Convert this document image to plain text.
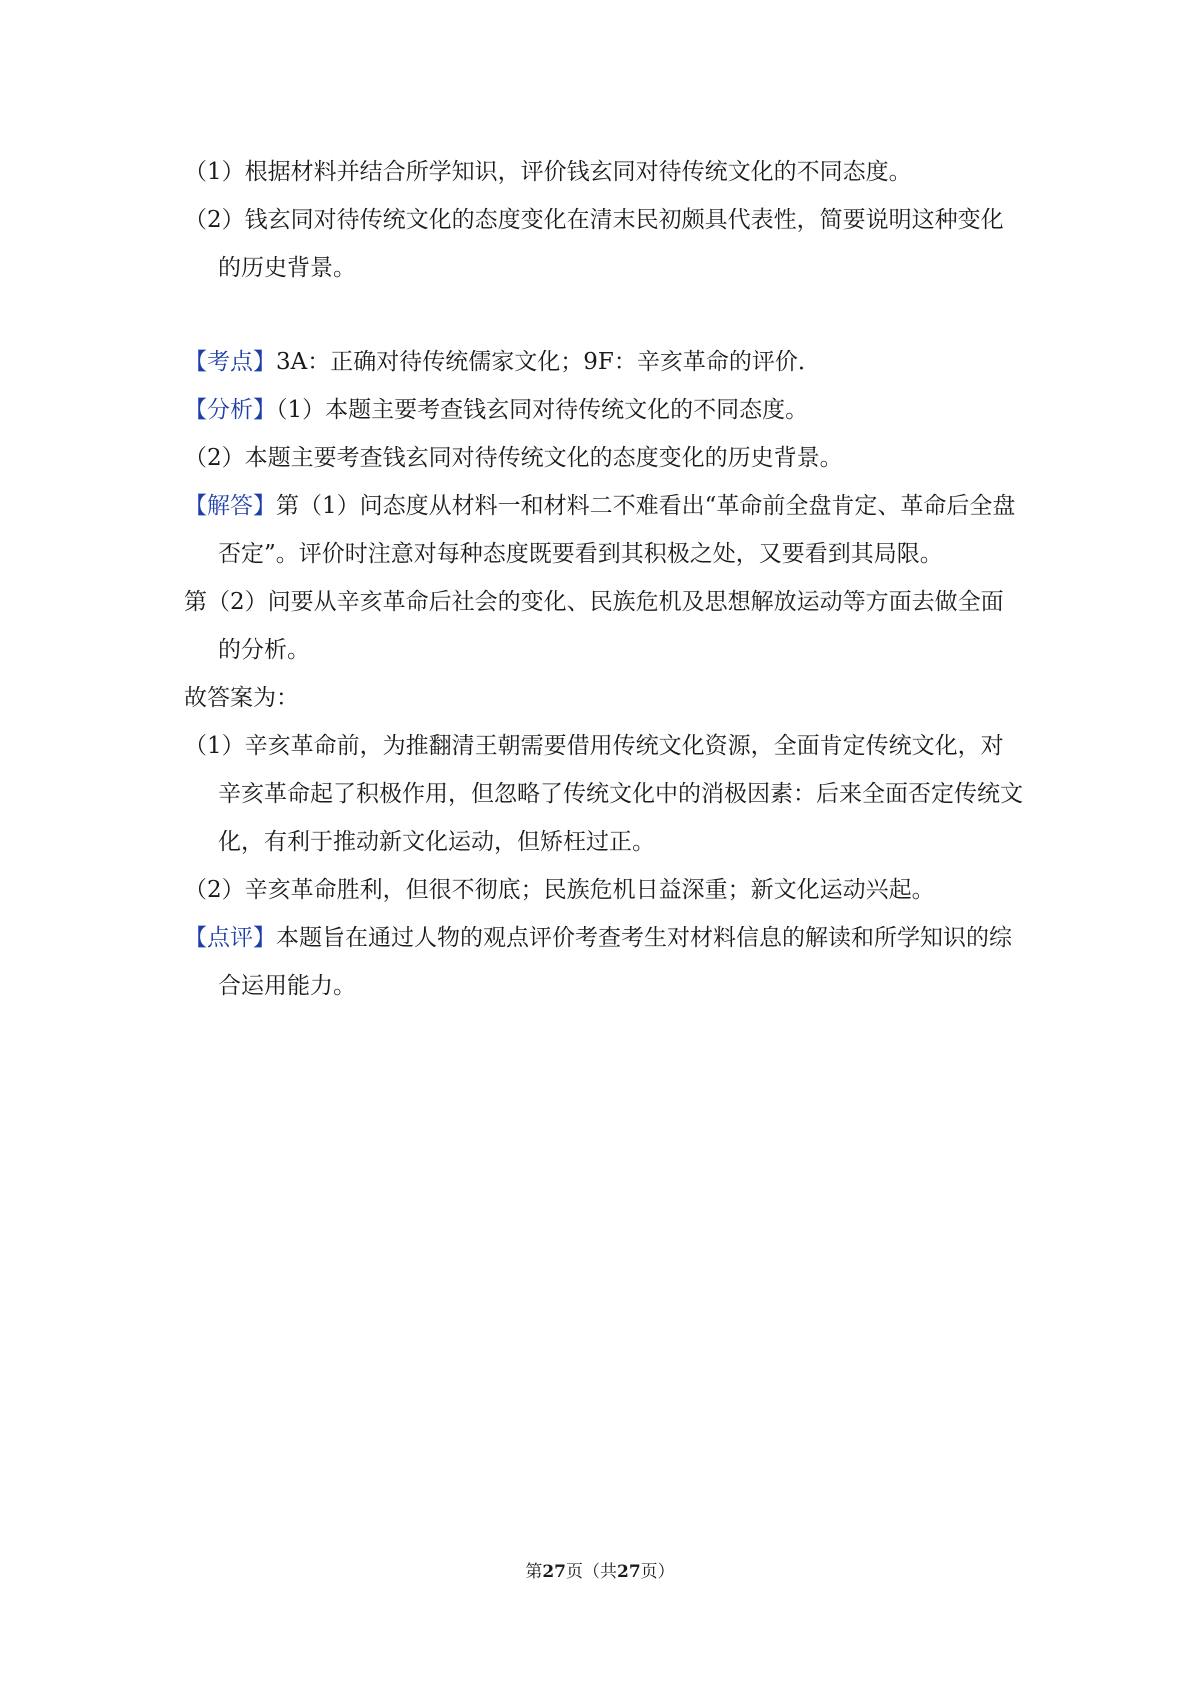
（1）根据材料并结合所学知识，评价钱玄同对待传统文化的不同态度。

（2）钱玄同对待传统文化的态度变化在清末民初颇具代表性，简要说明这种变化的历史背景。

【考点】3A：正确对待传统儒家文化；9F：辛亥革命的评价．

【分析】（1）本题主要考查钱玄同对待传统文化的不同态度。

（2）本题主要考查钱玄同对待传统文化的态度变化的历史背景。

【解答】第（1）问态度从材料一和材料二不难看出“革命前全盘肯定、革命后全盘否定”。评价时注意对每种态度既要看到其积极之处，又要看到其局限。

第（2）问要从辛亥革命后社会的变化、民族危机及思想解放运动等方面去做全面的分析。

故答案为：

（1）辛亥革命前，为推翻清王朝需要借用传统文化资源，全面肯定传统文化，对辛亥革命起了积极作用，但忽略了传统文化中的消极因素：后来全面否定传统文化，有利于推动新文化运动，但矫枉过正。

（2）辛亥革命胜利，但很不彻底；民族危机日益深重；新文化运动兴起。

【点评】本题旨在通过人物的观点评价考查考生对材料信息的解读和所学知识的综合运用能力。

第27页（共27页）
